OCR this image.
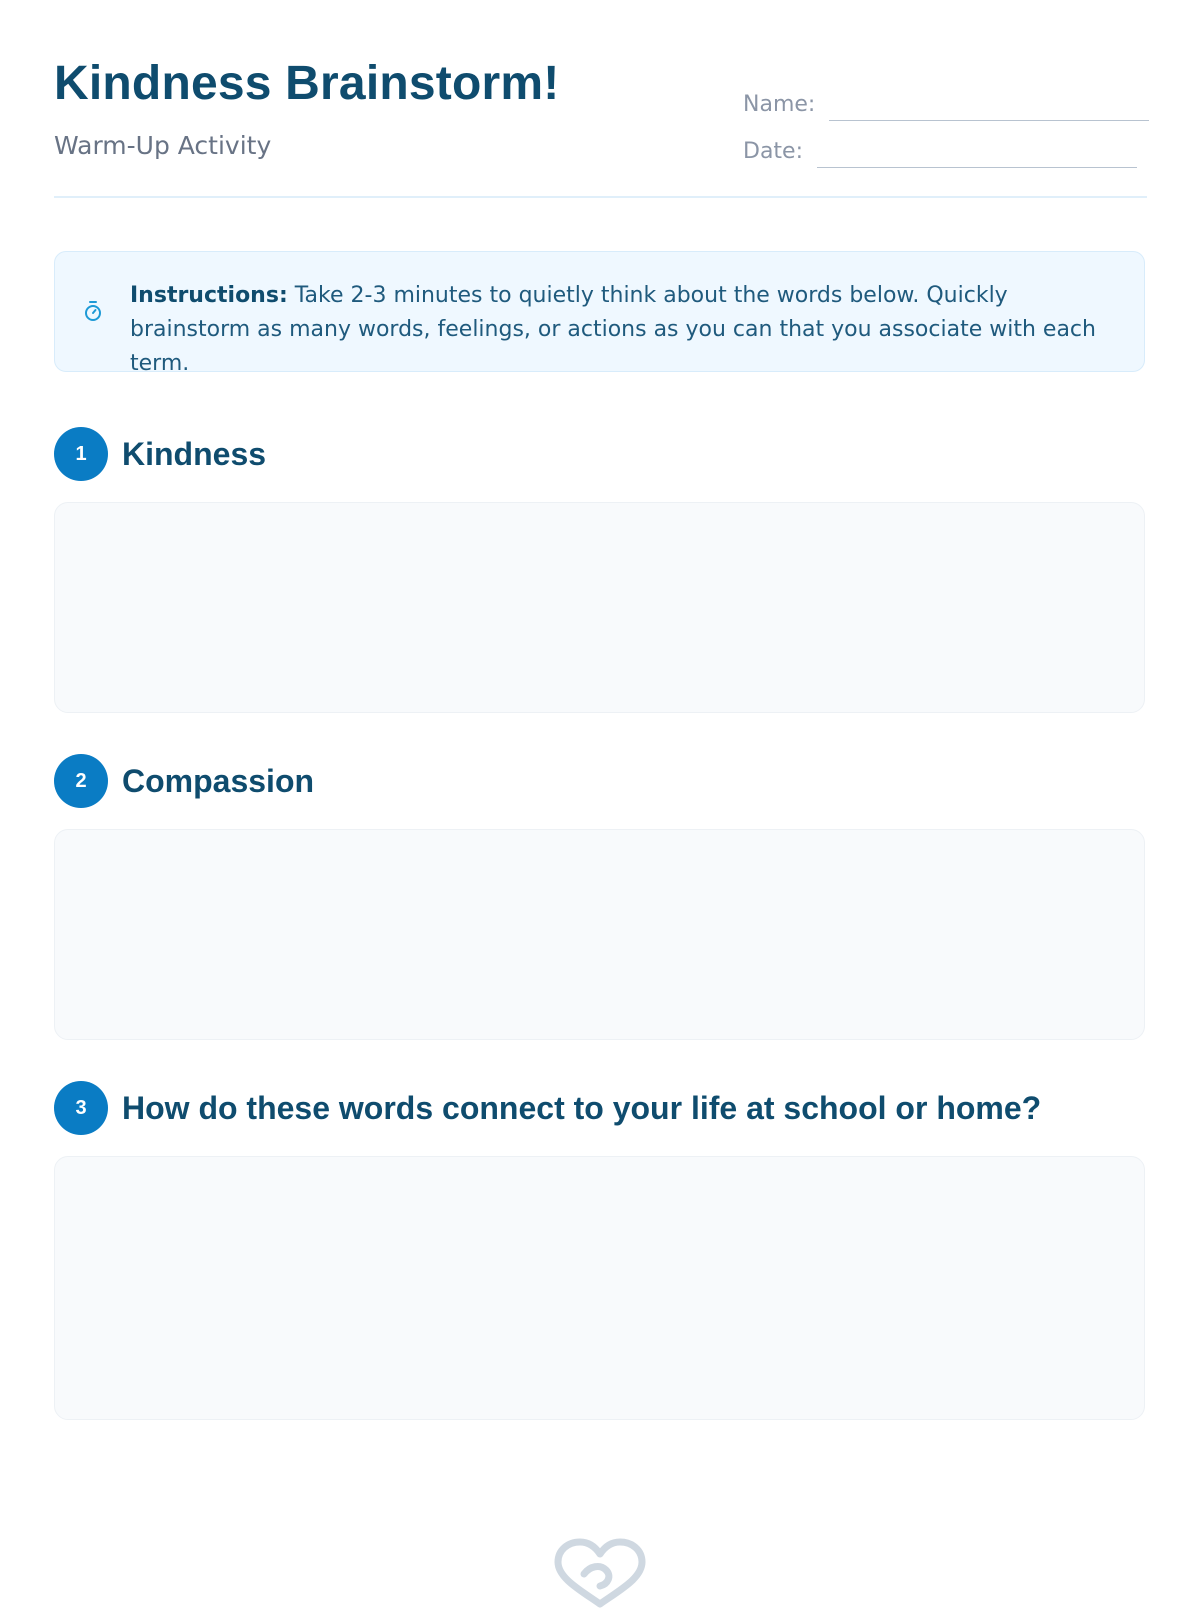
Kindness Brainstorm!
Warm-Up Activity
Name:
Date:
Instructions: Take 2-3 minutes to quietly think about the words below. Quickly brainstorm as many words, feelings, or actions as you can that you associate with each term.
1	Kindness
2	Compassion
3	How do these words connect to your life at school or home?
